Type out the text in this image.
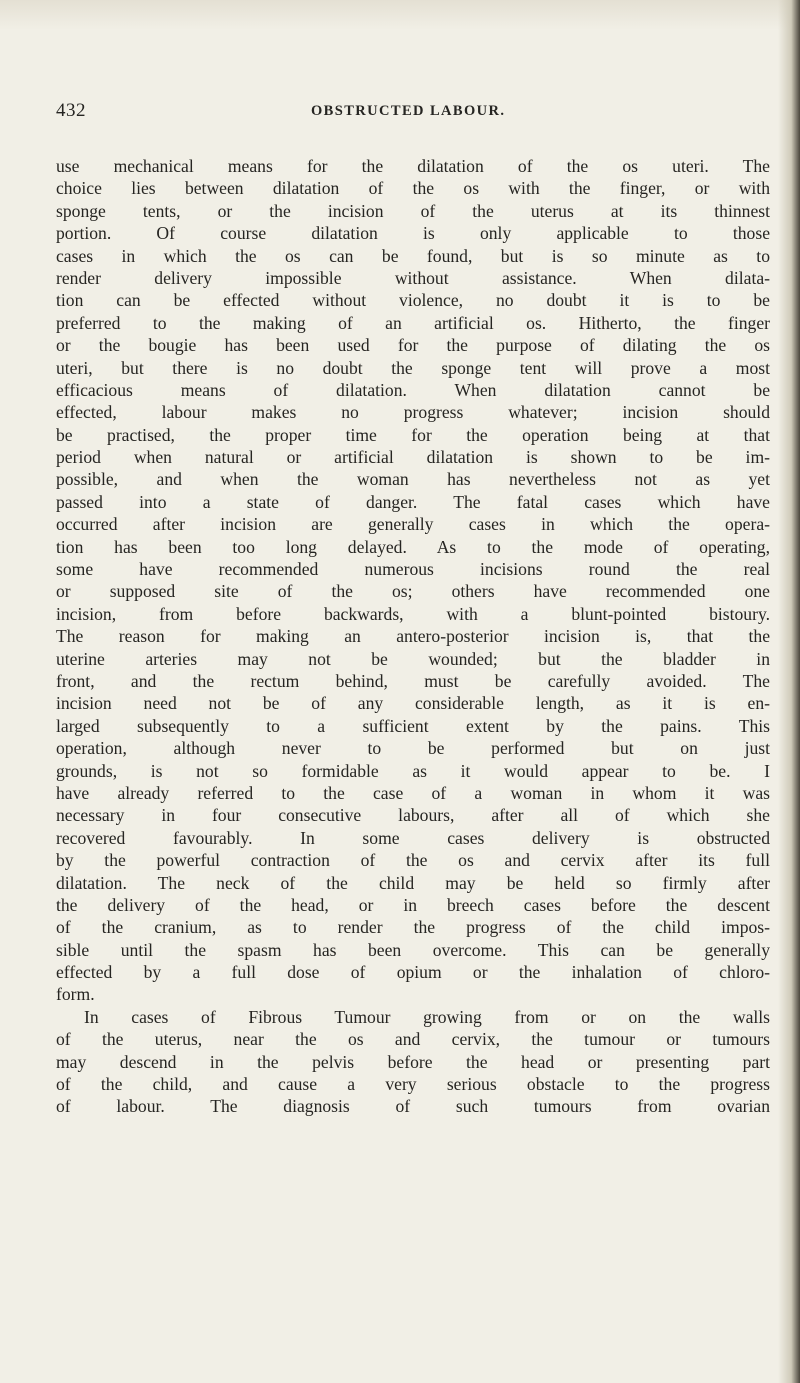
432	OBSTRUCTED LABOUR.
use mechanical means for the dilatation of the os uteri. The
choice lies between dilatation of the os with the finger, or with
sponge tents, or the incision of the uterus at its thinnest
portion. Of course dilatation is only applicable to those
cases in which the os can be found, but is so minute as to
render delivery impossible without assistance. When dilata-
tion can be effected without violence, no doubt it is to be
preferred to the making of an artificial os. Hitherto, the finger
or the bougie has been used for the purpose of dilating the os
uteri, but there is no doubt the sponge tent will prove a most
efficacious means of dilatation. When dilatation cannot be
effected, labour makes no progress whatever; incision should
be practised, the proper time for the operation being at that
period when natural or artificial dilatation is shown to be im-
possible, and when the woman has nevertheless not as yet
passed into a state of danger. The fatal cases which have
occurred after incision are generally cases in which the opera-
tion has been too long delayed. As to the mode of operating,
some have recommended numerous incisions round the real
or supposed site of the os; others have recommended one
incision, from before backwards, with a blunt-pointed bistoury.
The reason for making an antero-posterior incision is, that the
uterine arteries may not be wounded; but the bladder in
front, and the rectum behind, must be carefully avoided. The
incision need not be of any considerable length, as it is en-
larged subsequently to a sufficient extent by the pains. This
operation, although never to be performed but on just
grounds, is not so formidable as it would appear to be. I
have already referred to the case of a woman in whom it was
necessary in four consecutive labours, after all of which she
recovered favourably. In some cases delivery is obstructed
by the powerful contraction of the os and cervix after its full
dilatation. The neck of the child may be held so firmly after
the delivery of the head, or in breech cases before the descent
of the cranium, as to render the progress of the child impos-
sible until the spasm has been overcome. This can be generally
effected by a full dose of opium or the inhalation of chloro-
form.
In cases of Fibrous Tumour growing from or on the walls
of the uterus, near the os and cervix, the tumour or tumours
may descend in the pelvis before the head or presenting part
of the child, and cause a very serious obstacle to the progress
of labour. The diagnosis of such tumours from ovarian
